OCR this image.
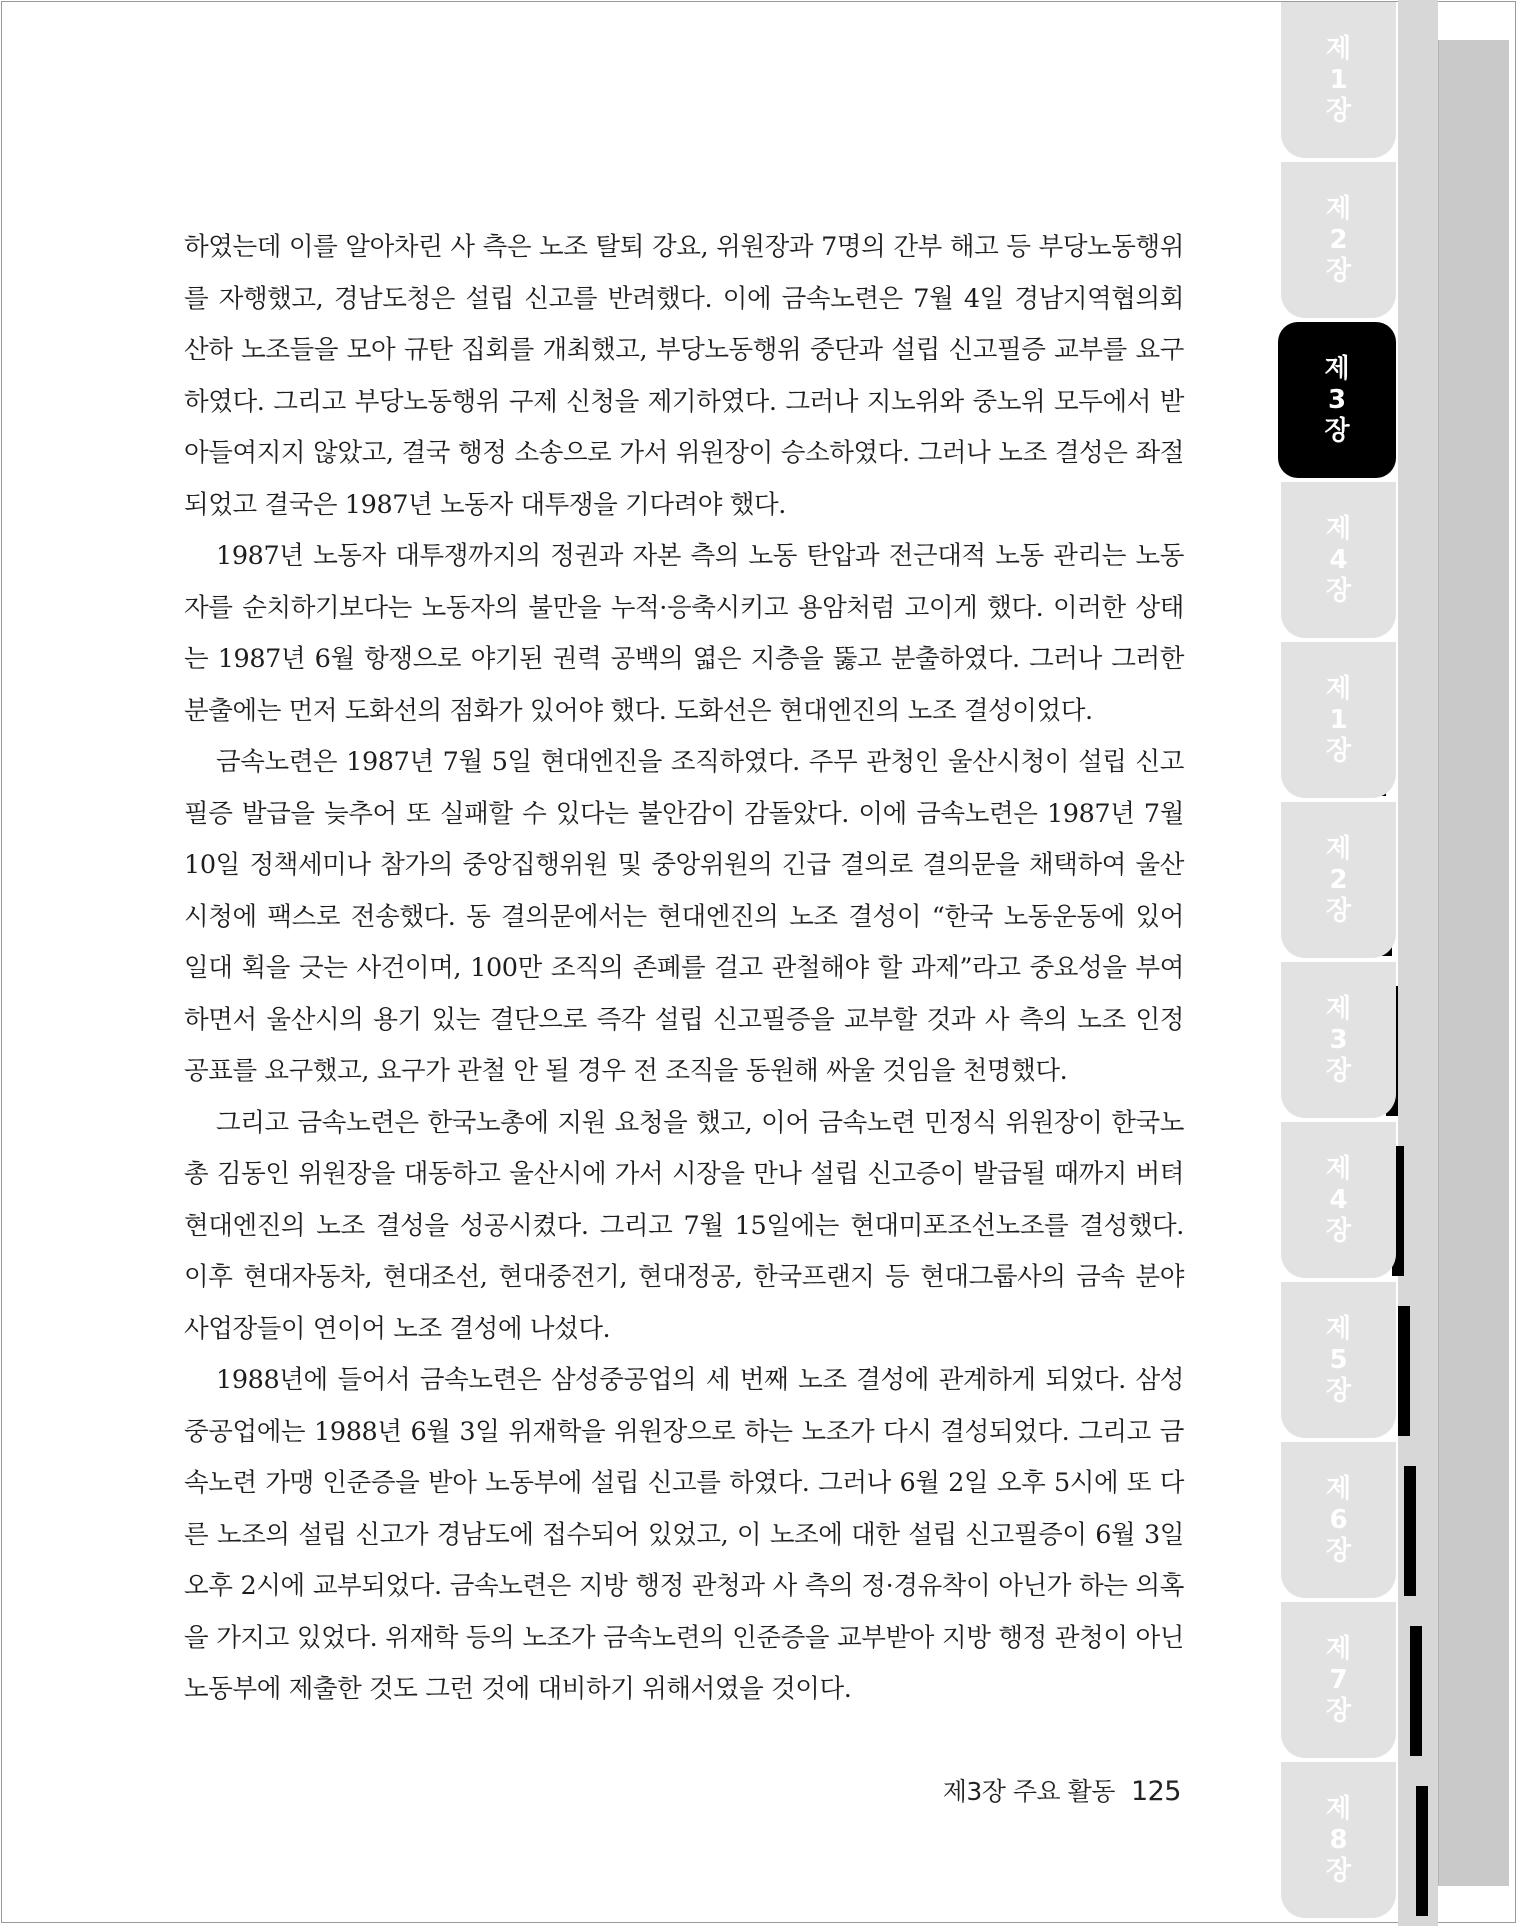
하였는데 이를 알아차린 사 측은 노조 탈퇴 강요, 위원장과 7명의 간부 해고 등 부당노동행위를 자행했고, 경남도청은 설립 신고를 반려했다. 이에 금속노련은 7월 4일 경남지역협의회 산하 노조들을 모아 규탄 집회를 개최했고, 부당노동행위 중단과 설립 신고필증 교부를 요구하였다. 그리고 부당노동행위 구제 신청을 제기하였다. 그러나 지노위와 중노위 모두에서 받아들여지지 않았고, 결국 행정 소송으로 가서 위원장이 승소하였다. 그러나 노조 결성은 좌절되었고 결국은 1987년 노동자 대투쟁을 기다려야 했다.

1987년 노동자 대투쟁까지의 정권과 자본 측의 노동 탄압과 전근대적 노동 관리는 노동자를 순치하기보다는 노동자의 불만을 누적·응축시키고 용암처럼 고이게 했다. 이러한 상태는 1987년 6월 항쟁으로 야기된 권력 공백의 엷은 지층을 뚫고 분출하였다. 그러나 그러한 분출에는 먼저 도화선의 점화가 있어야 했다. 도화선은 현대엔진의 노조 결성이었다.

금속노련은 1987년 7월 5일 현대엔진을 조직하였다. 주무 관청인 울산시청이 설립 신고필증 발급을 늦추어 또 실패할 수 있다는 불안감이 감돌았다. 이에 금속노련은 1987년 7월 10일 정책세미나 참가의 중앙집행위원 및 중앙위원의 긴급 결의로 결의문을 채택하여 울산시청에 팩스로 전송했다. 동 결의문에서는 현대엔진의 노조 결성이 “한국 노동운동에 있어 일대 획을 긋는 사건이며, 100만 조직의 존폐를 걸고 관철해야 할 과제”라고 중요성을 부여하면서 울산시의 용기 있는 결단으로 즉각 설립 신고필증을 교부할 것과 사 측의 노조 인정 공표를 요구했고, 요구가 관철 안 될 경우 전 조직을 동원해 싸울 것임을 천명했다.

그리고 금속노련은 한국노총에 지원 요청을 했고, 이어 금속노련 민정식 위원장이 한국노총 김동인 위원장을 대동하고 울산시에 가서 시장을 만나 설립 신고증이 발급될 때까지 버텨 현대엔진의 노조 결성을 성공시켰다. 그리고 7월 15일에는 현대미포조선노조를 결성했다. 이후 현대자동차, 현대조선, 현대중전기, 현대정공, 한국프랜지 등 현대그룹사의 금속 분야 사업장들이 연이어 노조 결성에 나섰다.

1988년에 들어서 금속노련은 삼성중공업의 세 번째 노조 결성에 관계하게 되었다. 삼성중공업에는 1988년 6월 3일 위재학을 위원장으로 하는 노조가 다시 결성되었다. 그리고 금속노련 가맹 인준증을 받아 노동부에 설립 신고를 하였다. 그러나 6월 2일 오후 5시에 또 다른 노조의 설립 신고가 경남도에 접수되어 있었고, 이 노조에 대한 설립 신고필증이 6월 3일 오후 2시에 교부되었다. 금속노련은 지방 행정 관청과 사 측의 정·경유착이 아닌가 하는 의혹을 가지고 있었다. 위재학 등의 노조가 금속노련의 인준증을 교부받아 지방 행정 관청이 아닌 노동부에 제출한 것도 그런 것에 대비하기 위해서였을 것이다.

제3장 주요 활동 125
제
1
장
제
2
장
제
3
장
제
4
장
제
1
장
제
2
장
제
3
장
제
4
장
제
5
장
제
6
장
제
7
장
제
8
장
